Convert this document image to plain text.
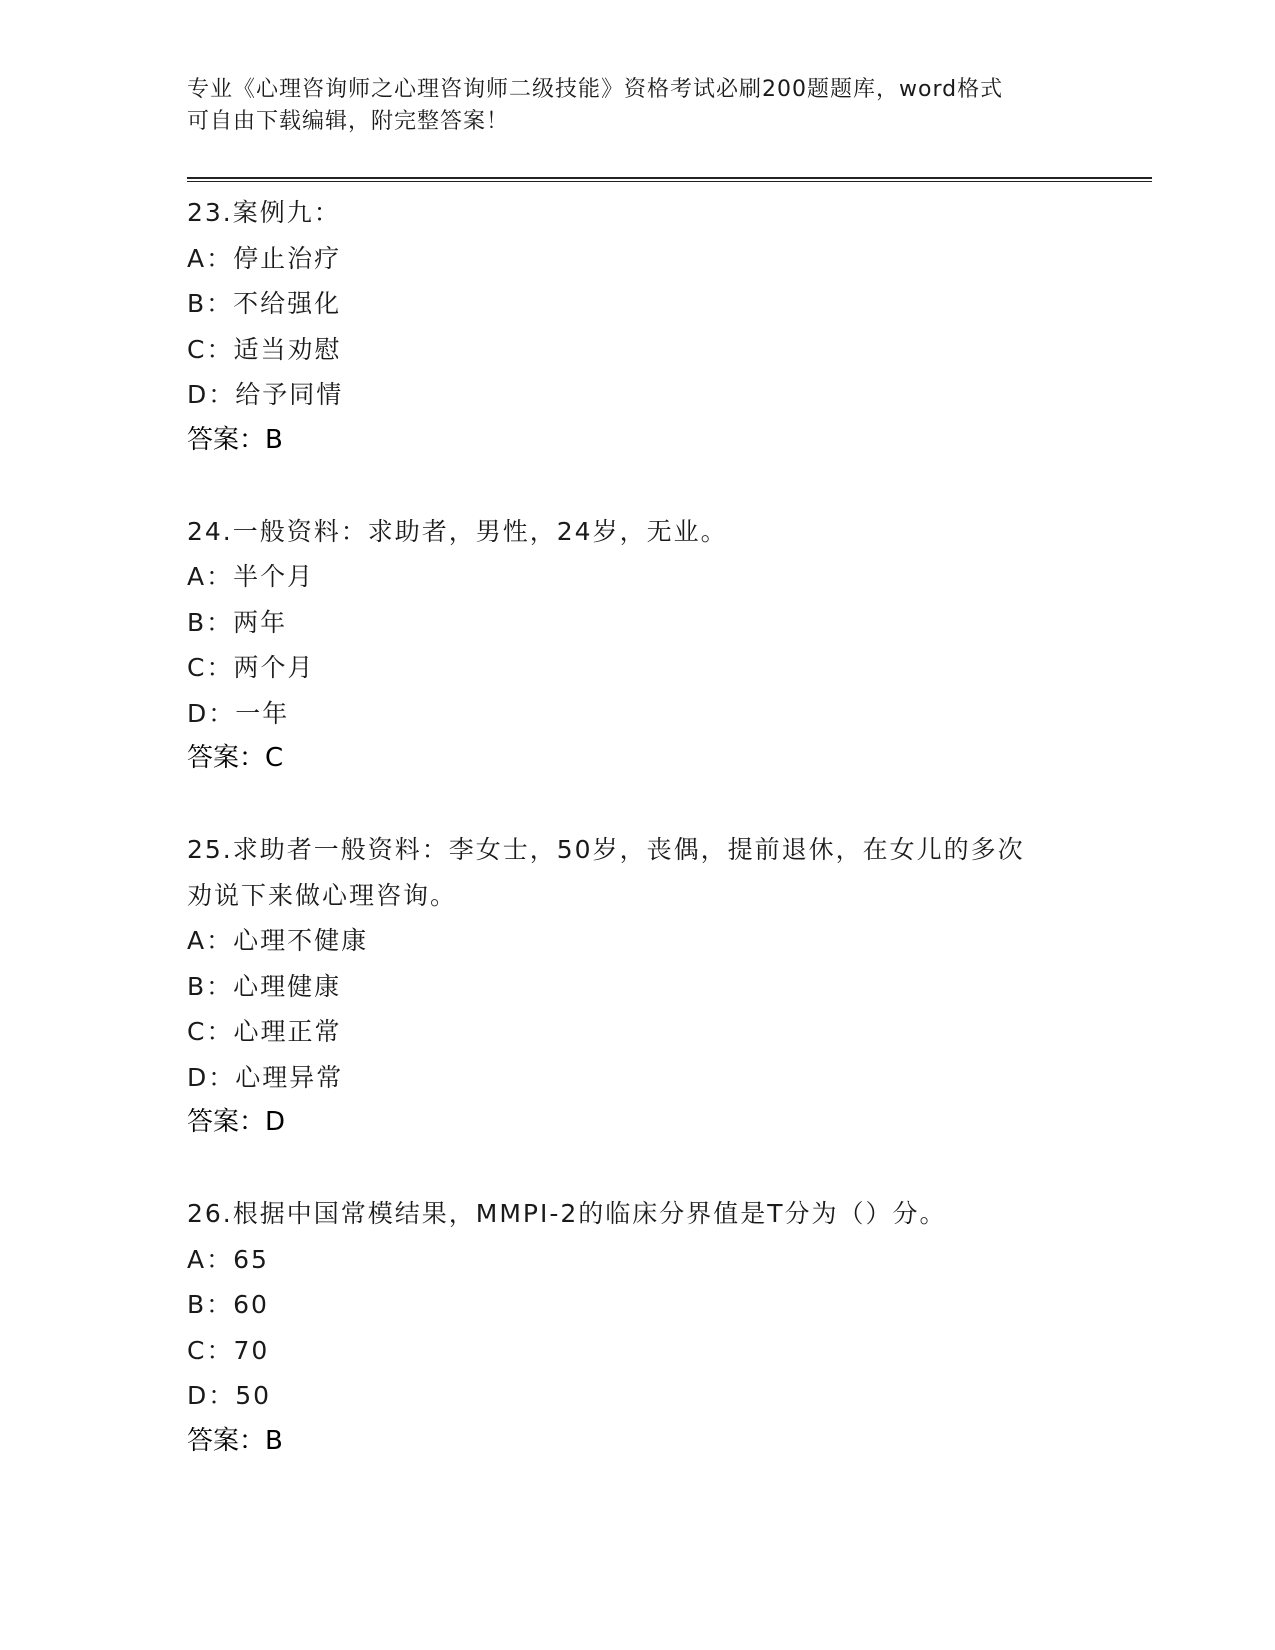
专业《心理咨询师之心理咨询师二级技能》资格考试必刷200题题库，word格式
可自由下载编辑，附完整答案！
23.案例九：
A：停止治疗
B：不给强化
C：适当劝慰
D：给予同情
答案：B
24.一般资料：求助者，男性，24岁，无业。
A：半个月
B：两年
C：两个月
D：一年
答案：C
25.求助者一般资料：李女士，50岁，丧偶，提前退休，在女儿的多次
劝说下来做心理咨询。
A：心理不健康
B：心理健康
C：心理正常
D：心理异常
答案：D
26.根据中国常模结果，MMPI-2的临床分界值是T分为（）分。
A：65
B：60
C：70
D：50
答案：B
